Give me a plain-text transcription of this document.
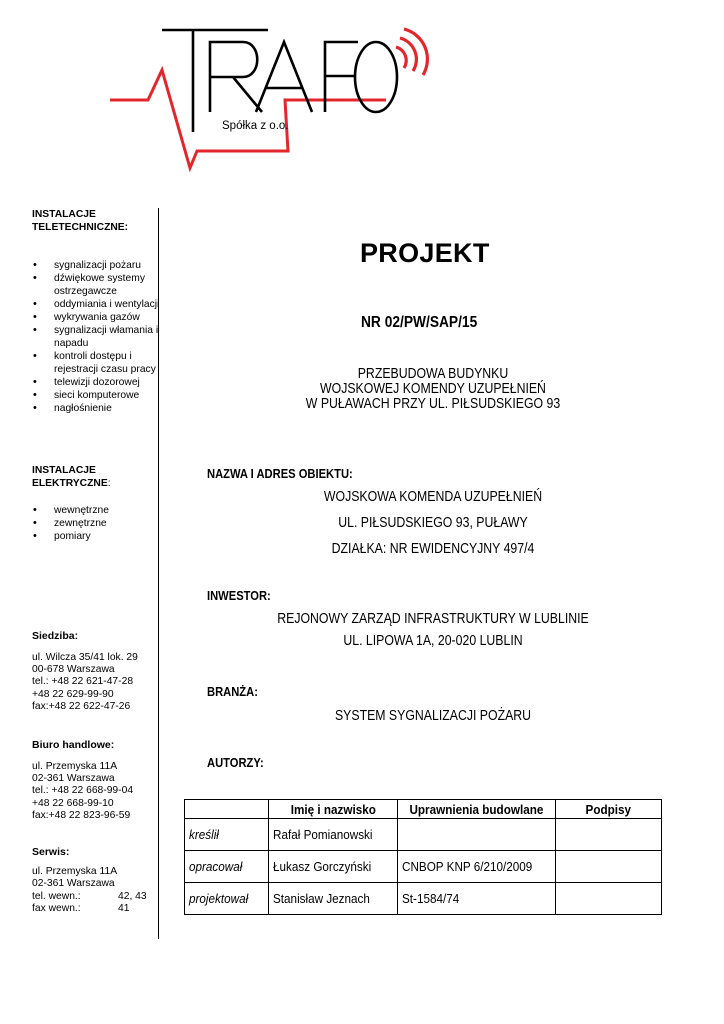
Spółka z o.o.
INSTALACJE TELETECHNICZNE:
• sygnalizacji pożaru
• dźwiękowe systemy ostrzegawcze
• oddymiania i wentylacji
• wykrywania gazów
• sygnalizacji włamania i napadu
• kontroli dostępu i rejestracji czasu pracy
• telewizji dozorowej
• sieci komputerowe
• nagłośnienie
INSTALACJE ELEKTRYCZNE:
• wewnętrzne
• zewnętrzne
• pomiary
Siedziba:
ul. Wilcza 35/41 lok. 29
00-678 Warszawa
tel.: +48 22 621-47-28
+48 22 629-99-90
fax:+48 22 622-47-26
Biuro handlowe:
ul. Przemyska 11A
02-361 Warszawa
tel.: +48 22 668-99-04
+48 22 668-99-10
fax:+48 22 823-96-59
Serwis:
ul. Przemyska 11A
02-361 Warszawa
tel. wewn.:	42, 43
fax wewn.:	41
PROJEKT
NR 02/PW/SAP/15
PRZEBUDOWA BUDYNKU
WOJSKOWEJ KOMENDY UZUPEŁNIEŃ
W PUŁAWACH PRZY UL. PIŁSUDSKIEGO 93
NAZWA I ADRES OBIEKTU:
WOJSKOWA KOMENDA UZUPEŁNIEŃ
UL. PIŁSUDSKIEGO 93, PUŁAWY
DZIAŁKA: NR EWIDENCYJNY 497/4
INWESTOR:
REJONOWY ZARZĄD INFRASTRUKTURY W LUBLINIE
UL. LIPOWA 1A, 20-020 LUBLIN
BRANŻA:
SYSTEM SYGNALIZACJI POŻARU
AUTORZY:
	Imię i nazwisko	Uprawnienia budowlane	Podpisy
kreślił	Rafał Pomianowski		
opracował	Łukasz Gorczyński	CNBOP KNP 6/210/2009	
projektował	Stanisław Jeznach	St-1584/74	
